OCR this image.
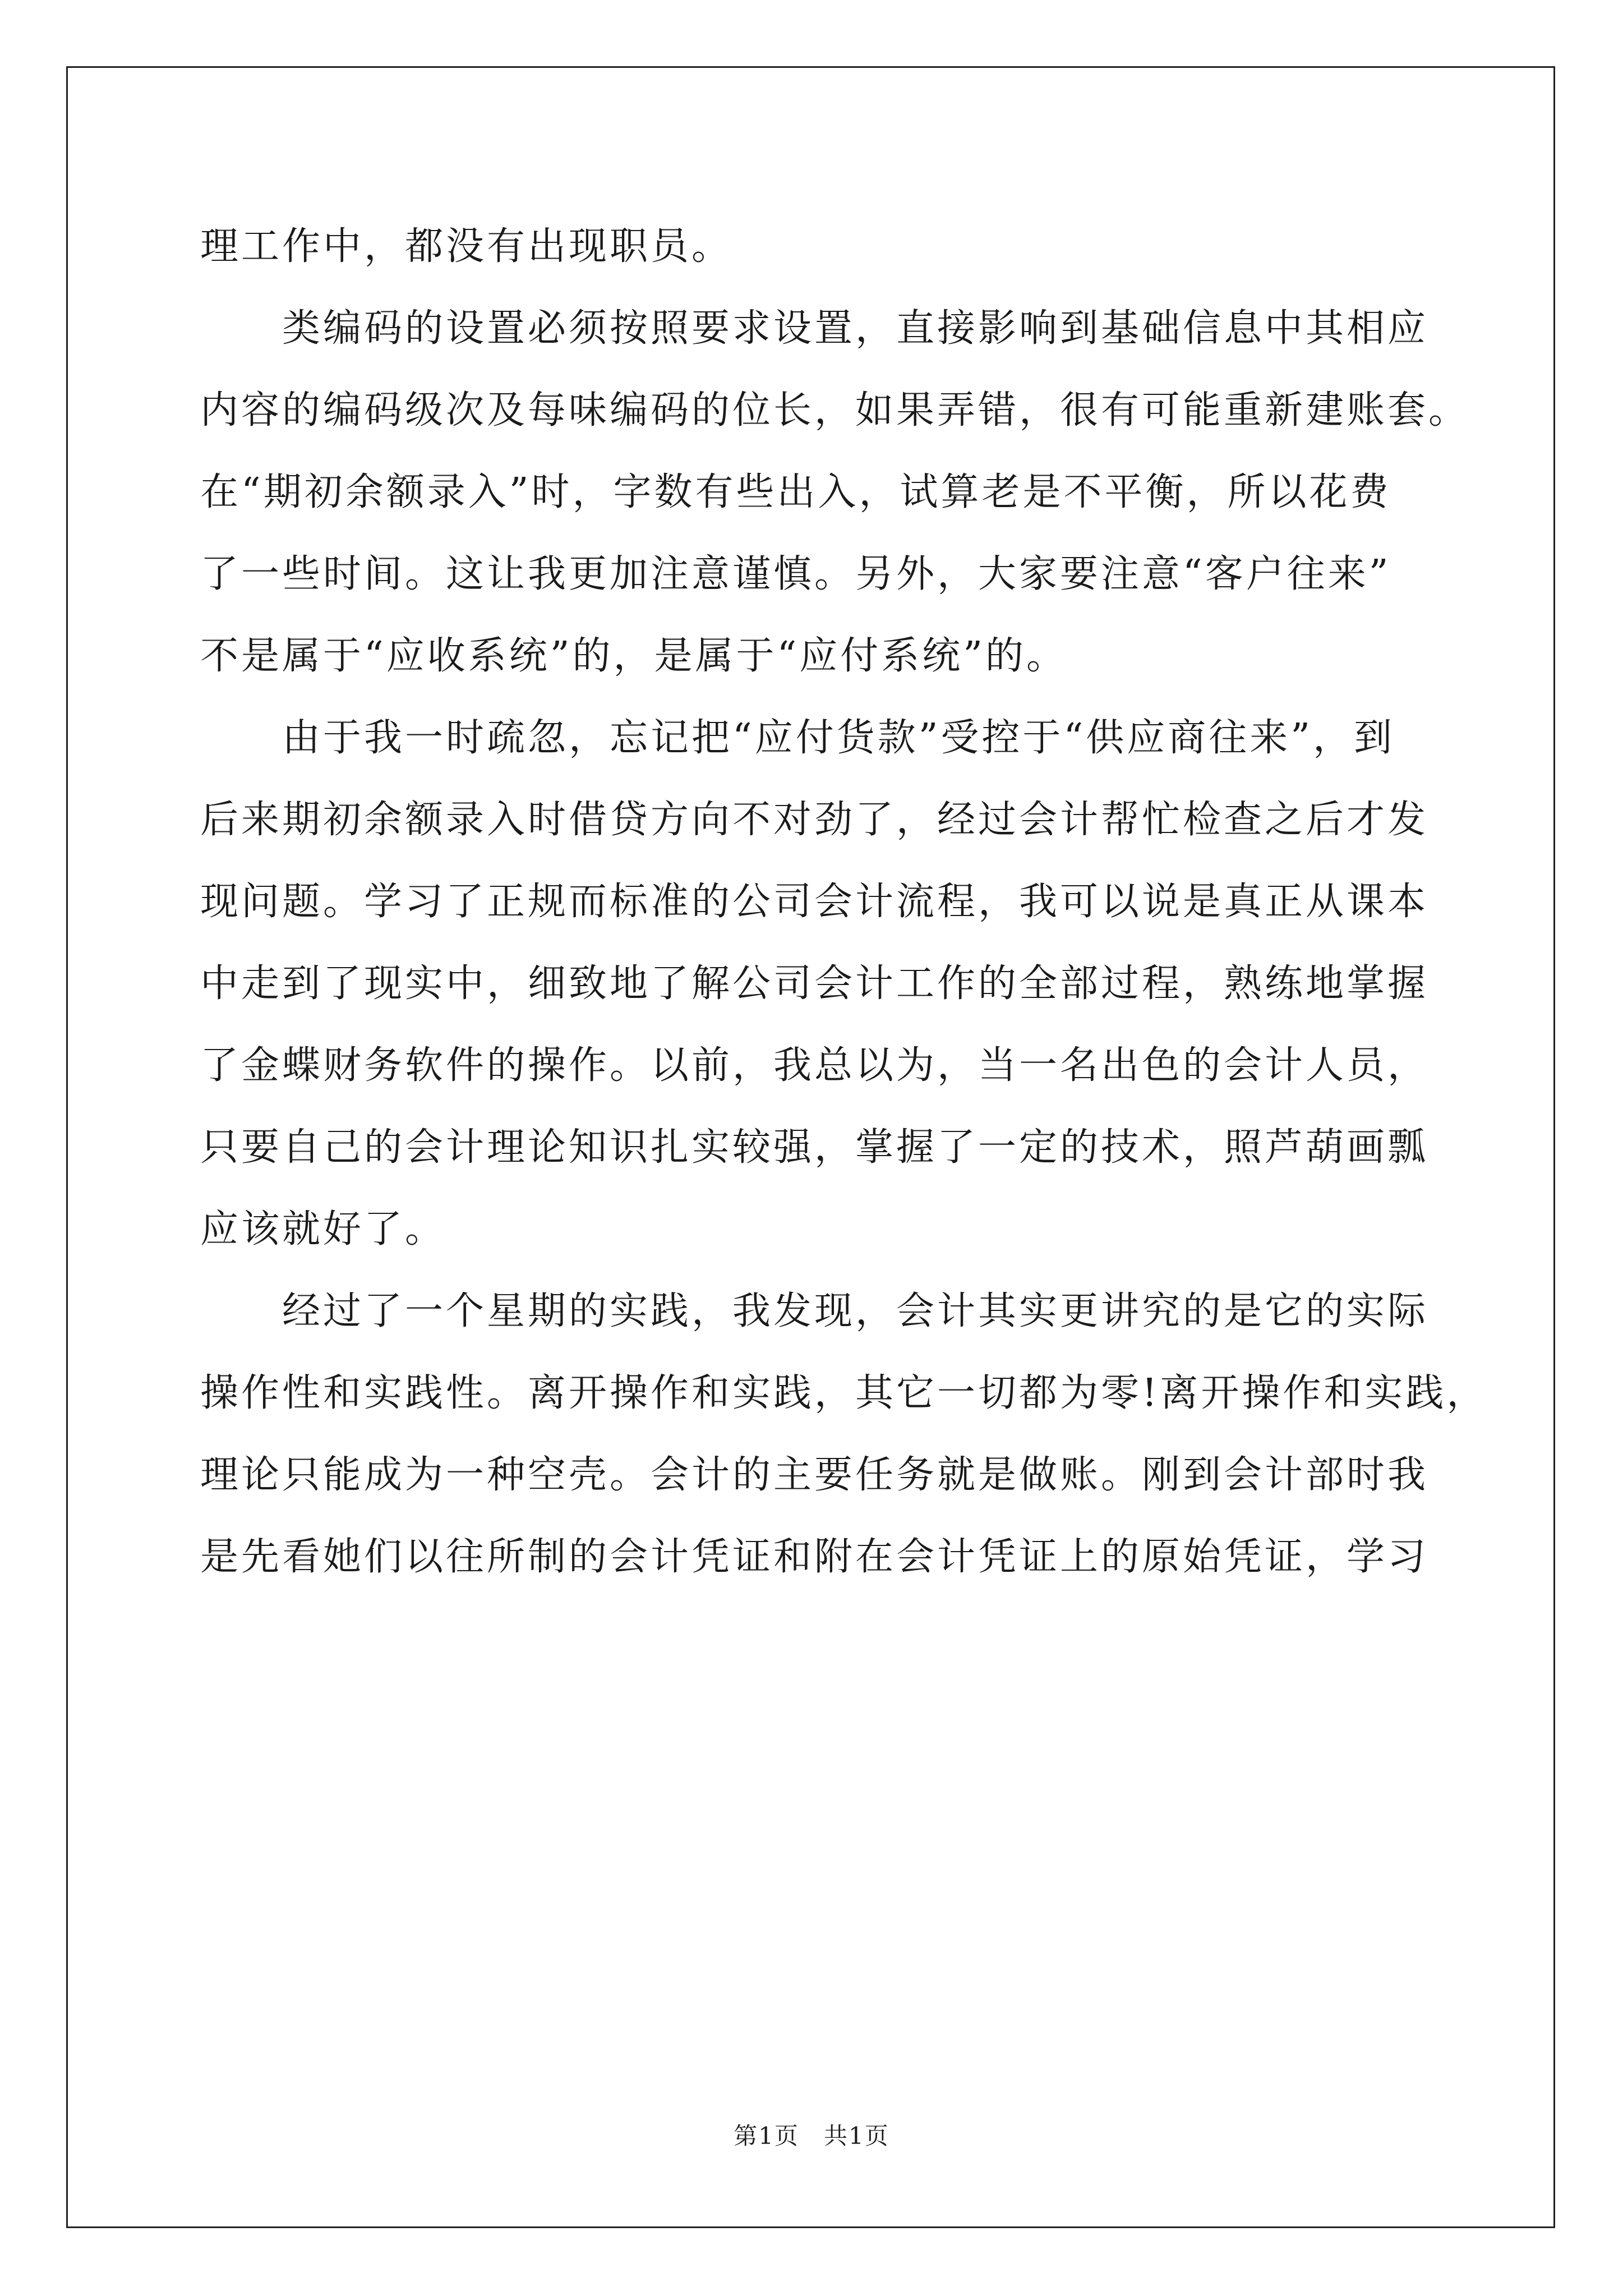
理工作中，都没有出现职员。
　　类编码的设置必须按照要求设置，直接影响到基础信息中其相应
内容的编码级次及每味编码的位长，如果弄错，很有可能重新建账套。
在“期初余额录入”时，字数有些出入，试算老是不平衡，所以花费
了一些时间。这让我更加注意谨慎。另外，大家要注意“客户往来”
不是属于“应收系统”的，是属于“应付系统”的。
　　由于我一时疏忽，忘记把“应付货款”受控于“供应商往来”，到
后来期初余额录入时借贷方向不对劲了，经过会计帮忙检查之后才发
现问题。学习了正规而标准的公司会计流程，我可以说是真正从课本
中走到了现实中，细致地了解公司会计工作的全部过程，熟练地掌握
了金蝶财务软件的操作。以前，我总以为，当一名出色的会计人员，
只要自己的会计理论知识扎实较强，掌握了一定的技术，照芦葫画瓢
应该就好了。
　　经过了一个星期的实践，我发现，会计其实更讲究的是它的实际
操作性和实践性。离开操作和实践，其它一切都为零!离开操作和实践，
理论只能成为一种空壳。会计的主要任务就是做账。刚到会计部时我
是先看她们以往所制的会计凭证和附在会计凭证上的原始凭证，学习
第1页　共1页
